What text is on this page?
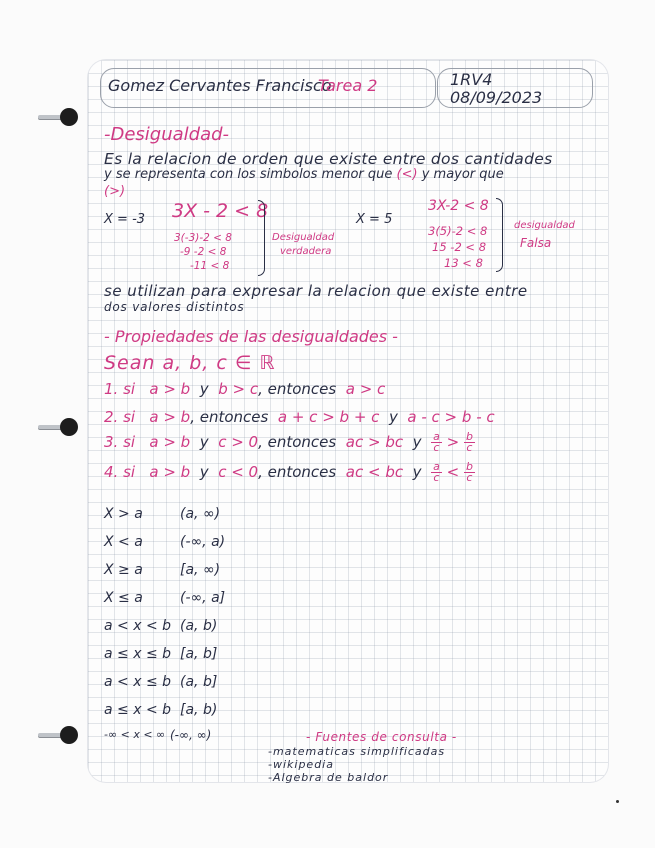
Gomez Cervantes Francisco
Tarea 2	1RV4
08/09/2023
-Desigualdad-
Es la relacion de orden que existe entre dos cantidades
y se representa con los simbolos menor que (<) y mayor que
(>)
X = -3 3X - 2 < 8
3(-3)-2 < 8
-9 -2 < 8
-11 < 8
Desigualdad
verdadera
X = 5
3X-2 < 8
3(5)-2 < 8
15 -2 < 8
13 < 8
desigualdad
Falsa
se utilizan para expresar la relacion que existe entre
dos valores distintos
- Propiedades de las desigualdades -
Sean a, b, c ∈ ℝ
1. si a > b y b > c, entonces a > c
2. si a > b, entonces a + c > b + c y a - c > b - c
3. si a > b y c > 0, entonces ac > bc y $\frac{a}{c} > \frac{b}{c}$
4. si a > b y c < 0, entonces ac < bc y $\frac{a}{c} < \frac{b}{c}$
X > a	(a, ∞)
X < a	(-∞, a)
X ≥ a	[a, ∞)
X ≤ a	(-∞, a]
a < x < b (a, b)
a ≤ x ≤ b [a, b]
a < x ≤ b (a, b]
a ≤ x < b [a, b)
-∞ < x < ∞ (-∞, ∞)	- Fuentes de consulta -
-matematicas simplificadas
-wikipedia
-Algebra de baldor
